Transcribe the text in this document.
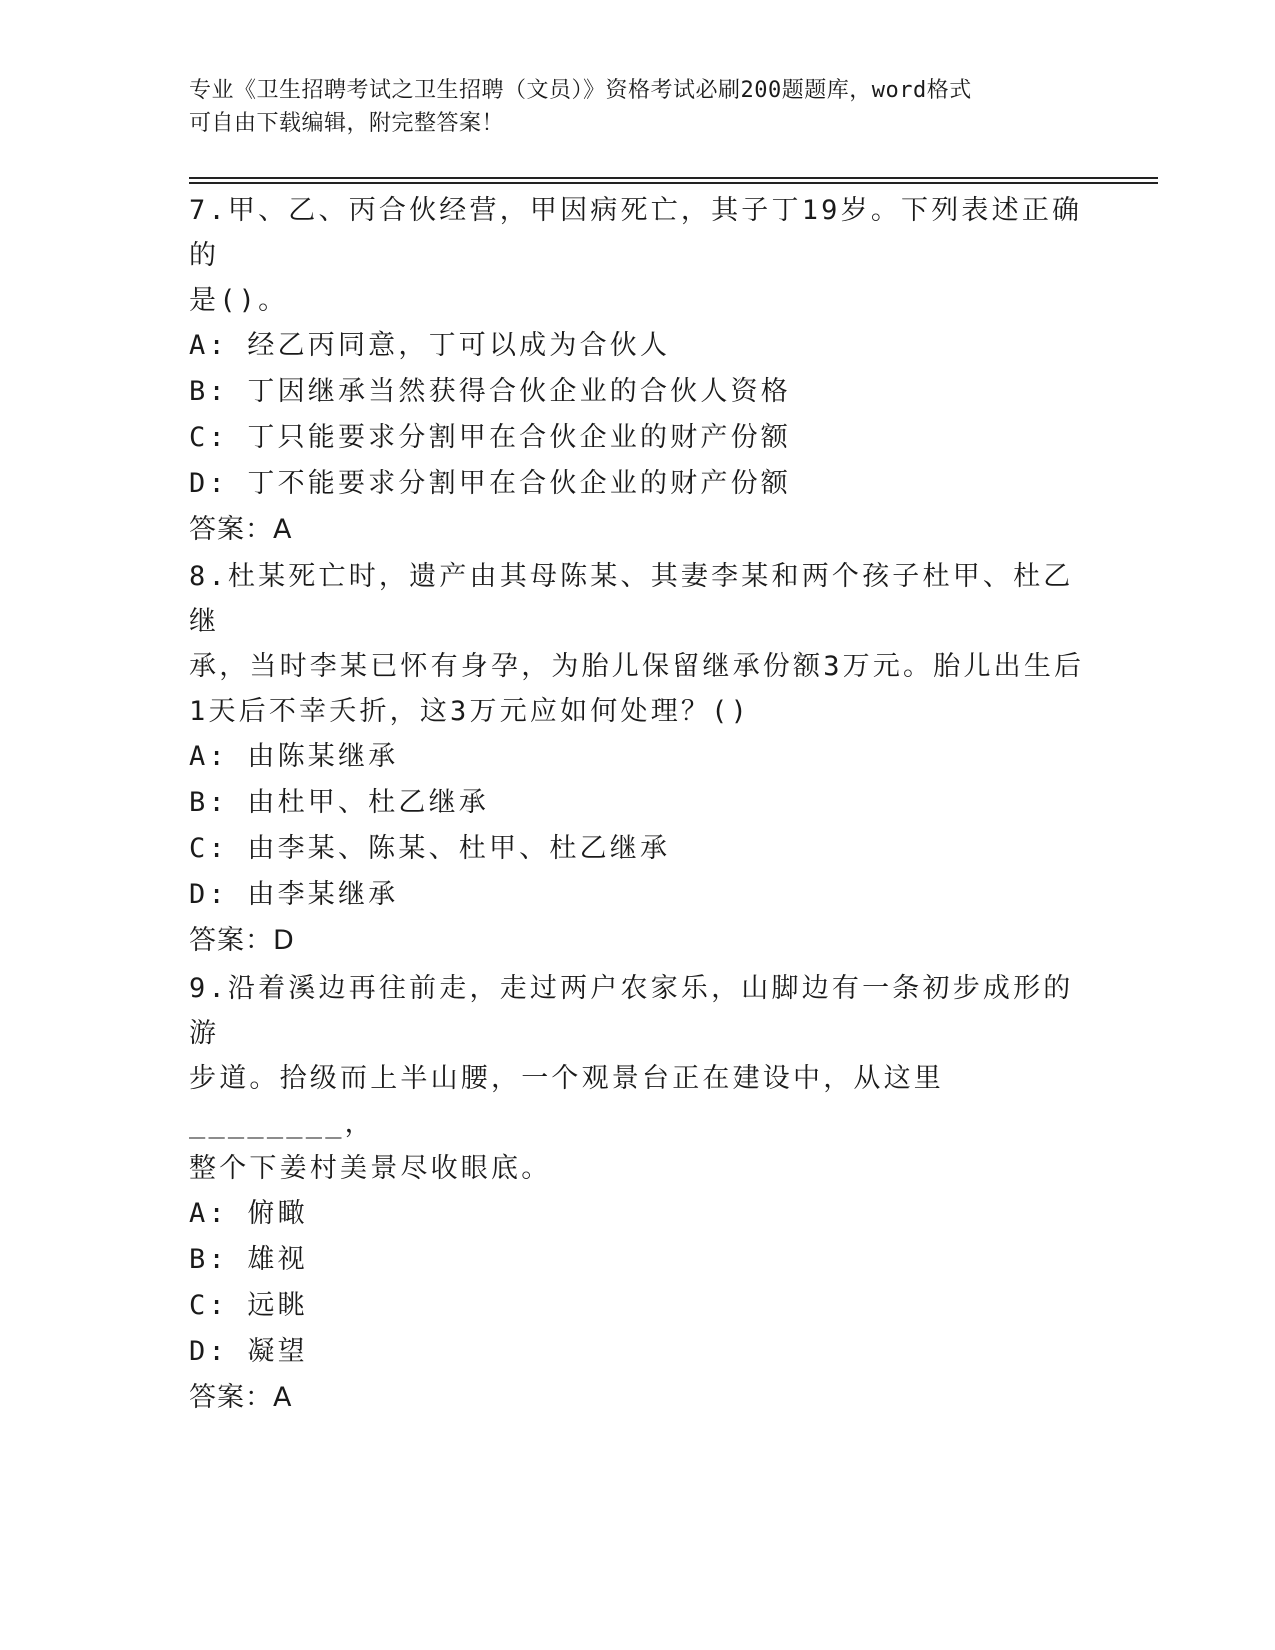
专业《卫生招聘考试之卫生招聘（文员）》资格考试必刷200题题库，word格式
可自由下载编辑，附完整答案！

7.甲、乙、丙合伙经营，甲因病死亡，其子丁19岁。下列表述正确的

是()。

A: 经乙丙同意，丁可以成为合伙人

B: 丁因继承当然获得合伙企业的合伙人资格

C: 丁只能要求分割甲在合伙企业的财产份额

D: 丁不能要求分割甲在合伙企业的财产份额

答案：A

8.杜某死亡时，遗产由其母陈某、其妻李某和两个孩子杜甲、杜乙继

承，当时李某已怀有身孕，为胎儿保留继承份额3万元。胎儿出生后

1天后不幸夭折，这3万元应如何处理？()

A: 由陈某继承

B: 由杜甲、杜乙继承

C: 由李某、陈某、杜甲、杜乙继承

D: 由李某继承

答案：D

9.沿着溪边再往前走，走过两户农家乐，山脚边有一条初步成形的游

步道。拾级而上半山腰，一个观景台正在建设中，从这里________，

整个下姜村美景尽收眼底。

A: 俯瞰

B: 雄视

C: 远眺

D: 凝望

答案：A
